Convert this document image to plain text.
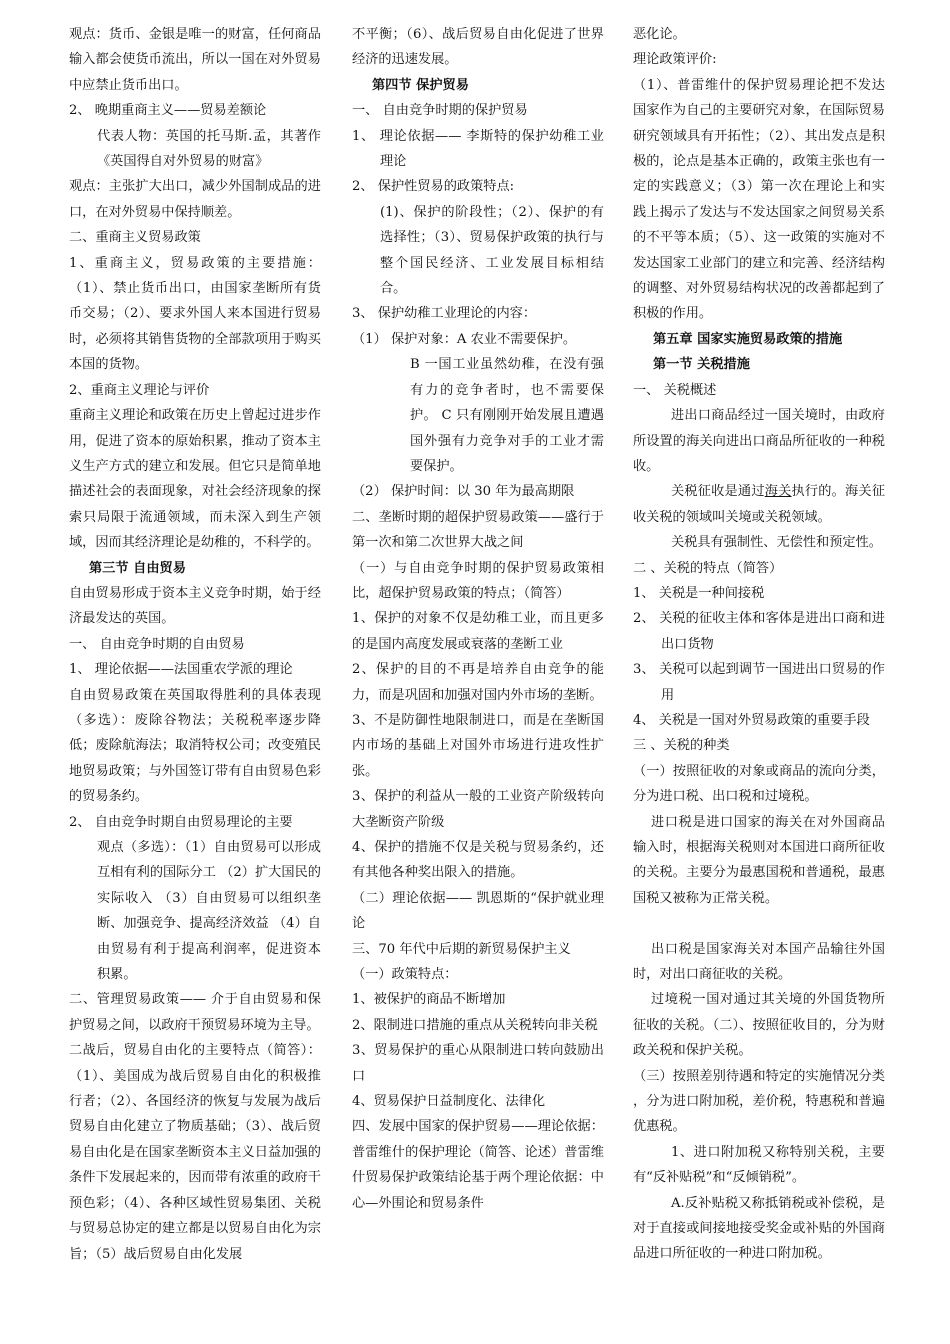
观点：货币、金银是唯一的财富，任何商品输入都会使货币流出，所以一国在对外贸易中应禁止货币出口。

2、 晚期重商主义——贸易差额论

代表人物：英国的托马斯.孟，其著作《英国得自对外贸易的财富》

观点：主张扩大出口，减少外国制成品的进口，在对外贸易中保持顺差。

二、重商主义贸易政策

1、重商主义，贸易政策的主要措施：（1）、禁止货币出口，由国家垄断所有货币交易；（2）、要求外国人来本国进行贸易时，必须将其销售货物的全部款项用于购买本国的货物。

2、重商主义理论与评价

重商主义理论和政策在历史上曾起过进步作用，促进了资本的原始积累，推动了资本主义生产方式的建立和发展。但它只是简单地描述社会的表面现象，对社会经济现象的探索只局限于流通领域，而未深入到生产领域，因而其经济理论是幼稚的，不科学的。

第三节 自由贸易

自由贸易形成于资本主义竞争时期，始于经济最发达的英国。

一、 自由竞争时期的自由贸易

1、 理论依据——法国重农学派的理论

自由贸易政策在英国取得胜利的具体表现（多选）：废除谷物法；关税税率逐步降低；废除航海法；取消特权公司；改变殖民地贸易政策；与外国签订带有自由贸易色彩的贸易条约。

2、 自由竞争时期自由贸易理论的主要

观点（多选）：（1）自由贸易可以形成互相有利的国际分工 （2）扩大国民的实际收入 （3）自由贸易可以组织垄断、加强竞争、提高经济效益 （4）自由贸易有利于提高利润率，促进资本积累。

二、管理贸易政策—— 介于自由贸易和保护贸易之间，以政府干预贸易环境为主导。

二战后，贸易自由化的主要特点（简答）：（1）、美国成为战后贸易自由化的积极推行者；（2）、各国经济的恢复与发展为战后贸易自由化建立了物质基础；（3）、战后贸易自由化是在国家垄断资本主义日益加强的条件下发展起来的，因而带有浓重的政府干预色彩；（4）、各种区域性贸易集团、关税与贸易总协定的建立都是以贸易自由化为宗旨；（5）战后贸易自由化发展

不平衡；（6）、战后贸易自由化促进了世界经济的迅速发展。

第四节 保护贸易

一、 自由竞争时期的保护贸易

1、 理论依据—— 李斯特的保护幼稚工业理论

2、 保护性贸易的政策特点:

(1)、保护的阶段性；（2）、保护的有选择性；（3）、贸易保护政策的执行与整个国民经济、工业发展目标相结合。

3、 保护幼稚工业理论的内容：

（1） 保护对象：A 农业不需要保护。

B 一国工业虽然幼稚，在没有强有力的竞争者时，也不需要保护。 C 只有刚刚开始发展且遭遇国外强有力竞争对手的工业才需要保护。

（2） 保护时间：以 30 年为最高期限

二、垄断时期的超保护贸易政策——盛行于第一次和第二次世界大战之间

（一）与自由竞争时期的保护贸易政策相比，超保护贸易政策的特点；（简答）

1、保护的对象不仅是幼稚工业，而且更多的是国内高度发展或衰落的垄断工业

2、保护的目的不再是培养自由竞争的能力，而是巩固和加强对国内外市场的垄断。

3、不是防御性地限制进口，而是在垄断国内市场的基础上对国外市场进行进攻性扩张。

3、保护的利益从一般的工业资产阶级转向大垄断资产阶级

4、保护的措施不仅是关税与贸易条约，还有其他各种奖出限入的措施。

（二）理论依据—— 凯恩斯的“保护就业理论

三、70 年代中后期的新贸易保护主义

（一）政策特点：

1、被保护的商品不断增加

2、限制进口措施的重点从关税转向非关税

3、贸易保护的重心从限制进口转向鼓励出口

4、贸易保护日益制度化、法律化

四、发展中国家的保护贸易——理论依据：普雷维什的保护理论（简答、论述）普雷维什贸易保护政策结论基于两个理论依据：中心—外围论和贸易条件

恶化论。

理论政策评价:

（1）、普雷维什的保护贸易理论把不发达国家作为自己的主要研究对象，在国际贸易研究领域具有开拓性；（2）、其出发点是积极的，论点是基本正确的，政策主张也有一定的实践意义；（3）第一次在理论上和实践上揭示了发达与不发达国家之间贸易关系的不平等本质；（5）、这一政策的实施对不发达国家工业部门的建立和完善、经济结构的调整、对外贸易结构状况的改善都起到了积极的作用。

第五章 国家实施贸易政策的措施

第一节 关税措施

一、 关税概述

进出口商品经过一国关境时，由政府所设置的海关向进出口商品所征收的一种税收。

关税征收是通过海关执行的。海关征收关税的领域叫关境或关税领域。

关税具有强制性、无偿性和预定性。

二 、关税的特点（简答）

1、 关税是一种间接税

2、 关税的征收主体和客体是进出口商和进出口货物

3、 关税可以起到调节一国进出口贸易的作用

4、 关税是一国对外贸易政策的重要手段

三 、关税的种类

（一）按照征收的对象或商品的流向分类，分为进口税、出口税和过境税。

进口税是进口国家的海关在对外国商品输入时，根据海关税则对本国进口商所征收的关税。主要分为最惠国税和普通税，最惠国税又被称为正常关税。

出口税是国家海关对本国产品输往外国时，对出口商征收的关税。

过境税一国对通过其关境的外国货物所征收的关税。（二）、按照征收目的，分为财政关税和保护关税。

（三）按照差别待遇和特定的实施情况分类 ，分为进口附加税，差价税，特惠税和普遍优惠税。

1、进口附加税又称特别关税，主要有“反补贴税”和“反倾销税”。

A.反补贴税又称抵销税或补偿税，是对于直接或间接地接受奖金或补贴的外国商品进口所征收的一种进口附加税。
